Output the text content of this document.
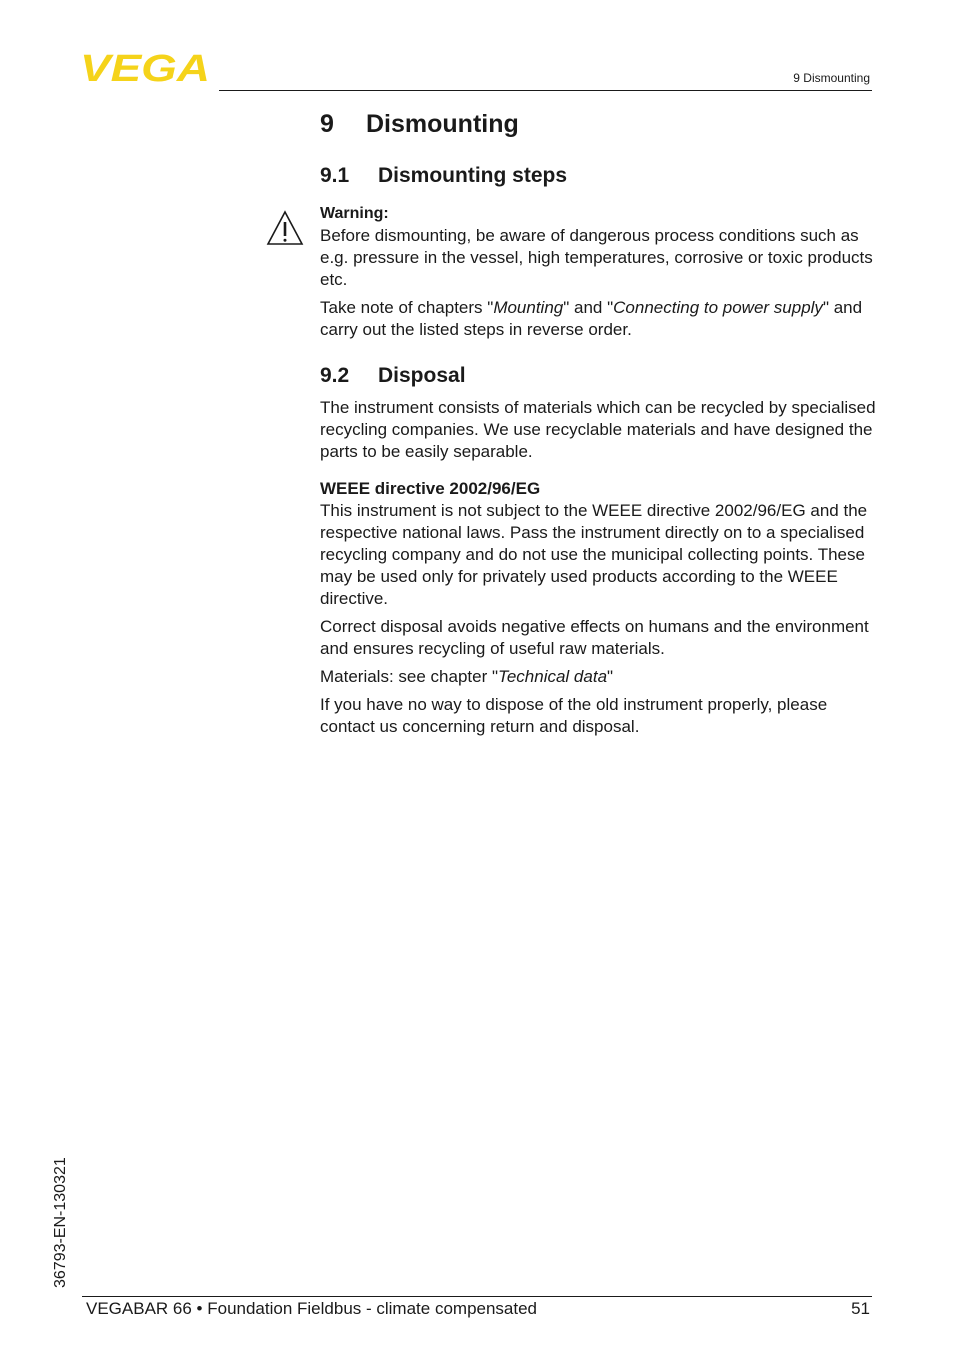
VEGA	9 Dismounting
9 Dismounting
9.1 Dismounting steps
Warning:

Before dismounting, be aware of dangerous process conditions such as e.g. pressure in the vessel, high temperatures, corrosive or toxic products etc.

Take note of chapters "Mounting" and "Connecting to power supply" and carry out the listed steps in reverse order.

9.2 Disposal

The instrument consists of materials which can be recycled by specialised recycling companies. We use recyclable materials and have designed the parts to be easily separable.

WEEE directive 2002/96/EG

This instrument is not subject to the WEEE directive 2002/96/EG and the respective national laws. Pass the instrument directly on to a specialised recycling company and do not use the municipal collecting points. These may be used only for privately used products according to the WEEE directive.

Correct disposal avoids negative effects on humans and the environment and ensures recycling of useful raw materials.

Materials: see chapter "Technical data"

If you have no way to dispose of the old instrument properly, please contact us concerning return and disposal.

36793-EN-130321
VEGABAR 66 • Foundation Fieldbus - climate compensated	51
